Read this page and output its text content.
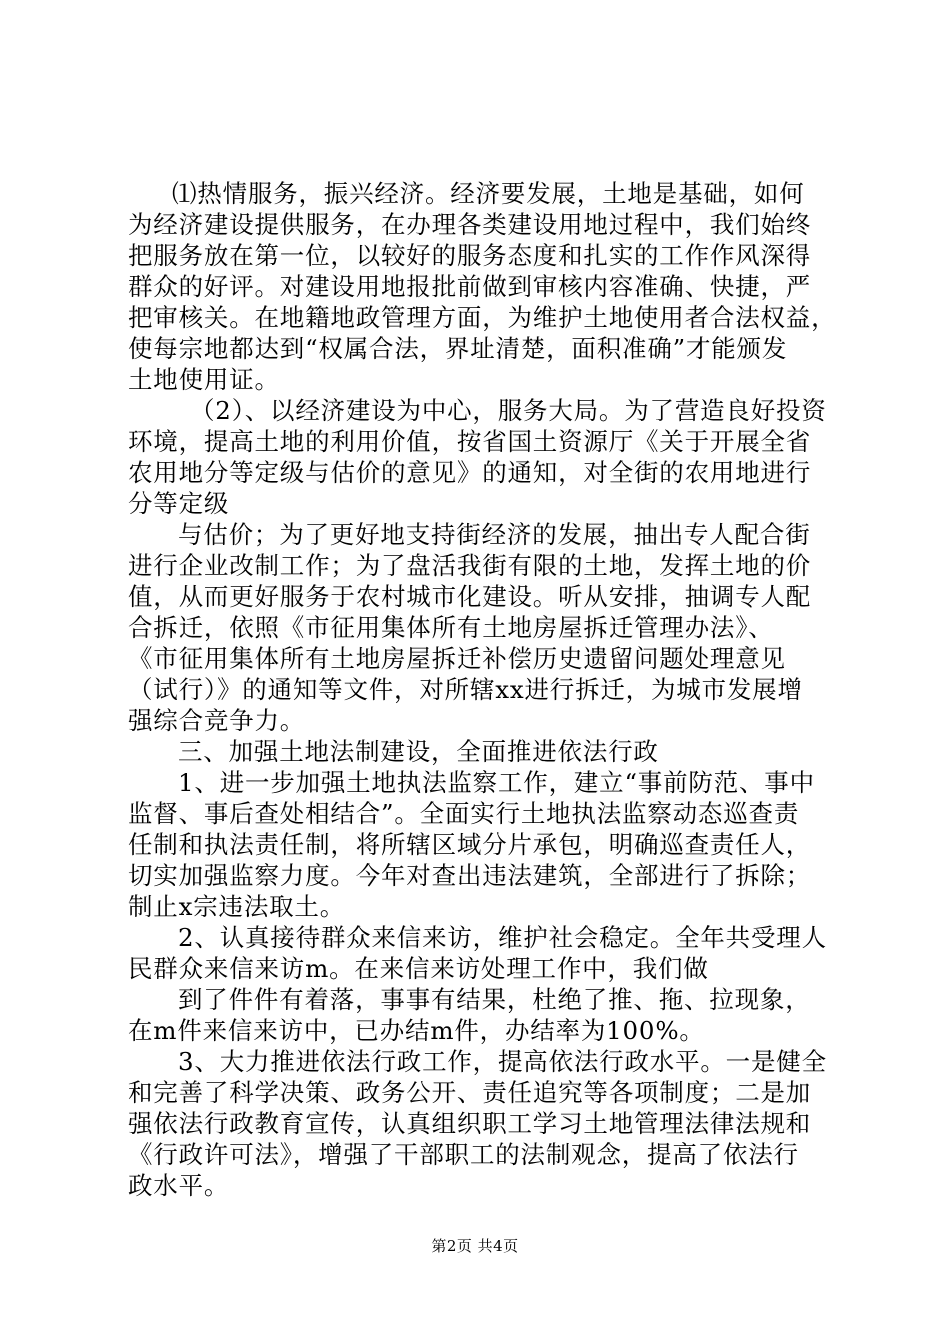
⑴热情服务，振兴经济。经济要发展，土地是基础，如何
为经济建设提供服务，在办理各类建设用地过程中，我们始终
把服务放在第一位，以较好的服务态度和扎实的工作作风深得
群众的好评。对建设用地报批前做到审核内容准确、快捷，严
把审核关。在地籍地政管理方面，为维护土地使用者合法权益，
使每宗地都达到“权属合法，界址清楚，面积准确”才能颁发
土地使用证。
（2）、以经济建设为中心，服务大局。为了营造良好投资
环境，提高土地的利用价值，按省国土资源厅《关于开展全省
农用地分等定级与估价的意见》的通知，对全街的农用地进行
分等定级
与估价；为了更好地支持街经济的发展，抽出专人配合街
进行企业改制工作；为了盘活我街有限的土地，发挥土地的价
值，从而更好服务于农村城市化建设。听从安排，抽调专人配
合拆迁，依照《市征用集体所有土地房屋拆迁管理办法》、
《市征用集体所有土地房屋拆迁补偿历史遗留问题处理意见
（试行）》的通知等文件，对所辖xx进行拆迁，为城市发展增
强综合竞争力。
三、加强土地法制建设，全面推进依法行政
1、进一步加强土地执法监察工作，建立“事前防范、事中
监督、事后查处相结合”。全面实行土地执法监察动态巡查责
任制和执法责任制，将所辖区域分片承包，明确巡查责任人，
切实加强监察力度。今年对查出违法建筑，全部进行了拆除；
制止x宗违法取土。
2、认真接待群众来信来访，维护社会稳定。全年共受理人
民群众来信来访m。在来信来访处理工作中，我们做
到了件件有着落，事事有结果，杜绝了推、拖、拉现象，
在m件来信来访中，已办结m件，办结率为100%。
3、大力推进依法行政工作，提高依法行政水平。一是健全
和完善了科学决策、政务公开、责任追究等各项制度；二是加
强依法行政教育宣传，认真组织职工学习土地管理法律法规和
《行政许可法》，增强了干部职工的法制观念，提高了依法行
政水平。
第2页 共4页
